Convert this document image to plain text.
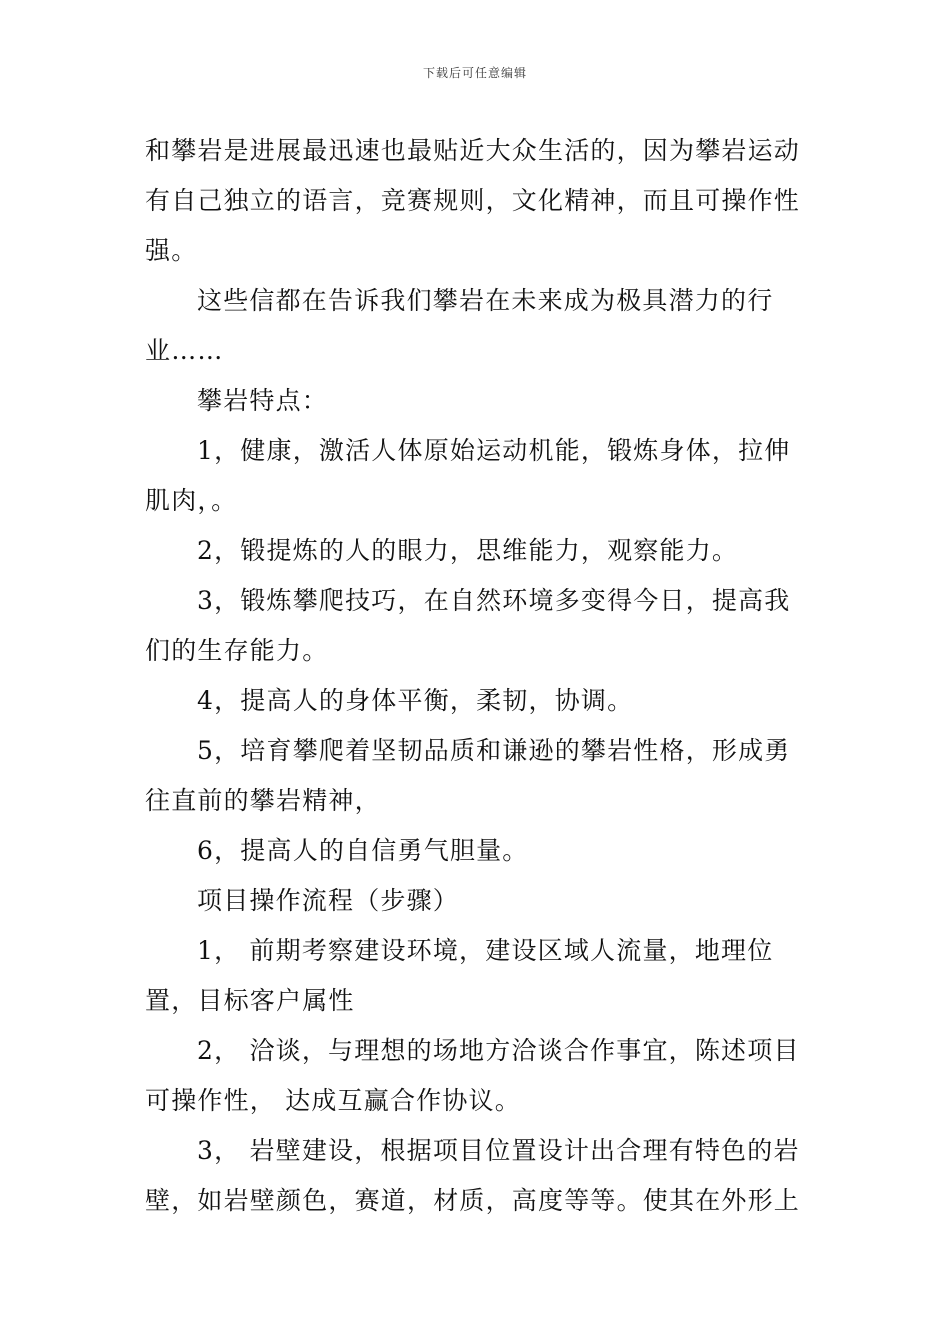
下载后可任意编辑

和攀岩是进展最迅速也最贴近大众生活的，因为攀岩运动有自己独立的语言，竞赛规则，文化精神，而且可操作性强。

这些信都在告诉我们攀岩在未来成为极具潜力的行业……

攀岩特点：

1，健康，激活人体原始运动机能，锻炼身体，拉伸肌肉，。

2，锻提炼的人的眼力，思维能力，观察能力。

3，锻炼攀爬技巧，在自然环境多变得今日，提高我们的生存能力。

4，提高人的身体平衡，柔韧，协调。

5，培育攀爬着坚韧品质和谦逊的攀岩性格，形成勇往直前的攀岩精神，

6，提高人的自信勇气胆量。

项目操作流程（步骤）

1， 前期考察建设环境，建设区域人流量，地理位置，目标客户属性

2， 洽谈，与理想的场地方洽谈合作事宜，陈述项目可操作性， 达成互赢合作协议。

3， 岩壁建设，根据项目位置设计出合理有特色的岩壁，如岩壁颜色，赛道，材质，高度等等。使其在外形上
